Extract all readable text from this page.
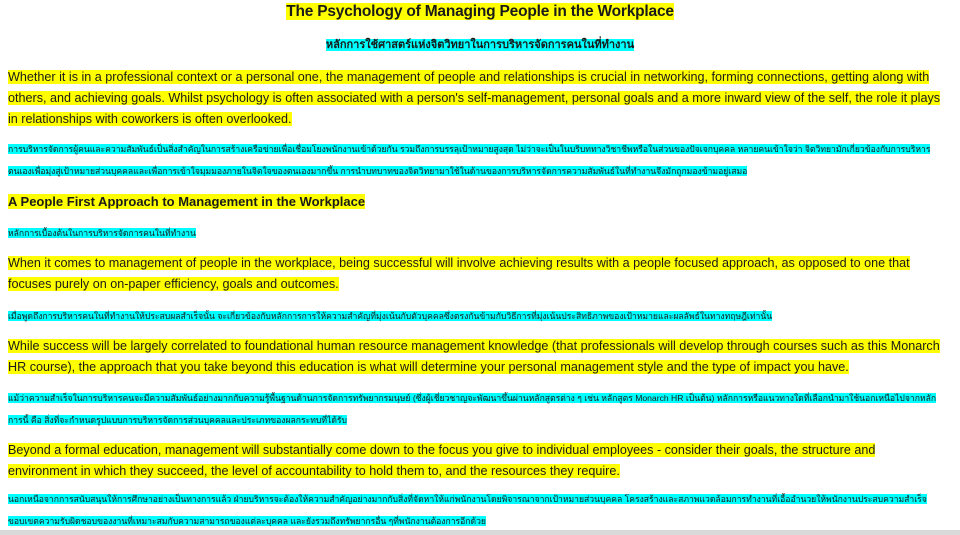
The Psychology of Managing People in the Workplace
หลักการใช้ศาสตร์แห่งจิตวิทยาในการบริหารจัดการคนในที่ทำงาน

Whether it is in a professional context or a personal one, the management of people and relationships is crucial in networking, forming connections, getting along with others, and achieving goals. Whilst psychology is often associated with a person's self-management, personal goals and a more inward view of the self, the role it plays in relationships with coworkers is often overlooked.

การบริหารจัดการผู้คนและความสัมพันธ์เป็นสิ่งสำคัญในการสร้างเครือข่ายเพื่อเชื่อมโยงพนักงานเข้าด้วยกัน รวมถึงการบรรลุเป้าหมายสูงสุด ไม่ว่าจะเป็นในบริบททางวิชาชีพหรือในส่วนของปัจเจกบุคคล หลายคนเข้าใจว่า จิตวิทยามักเกี่ยวข้องกับการบริหารตนเองเพื่อมุ่งสู่เป้าหมายส่วนบุคคลและเพื่อการเข้าใจมุมมองภายในจิตใจของตนเองมากขึ้น การนำบทบาทของจิตวิทยามาใช้ในด้านของการบริหารจัดการความสัมพันธ์ในที่ทำงานจึงมักถูกมองข้ามอยู่เสมอ

A People First Approach to Management in the Workplace

หลักการเบื้องต้นในการบริหารจัดการคนในที่ทำงาน

When it comes to management of people in the workplace, being successful will involve achieving results with a people focused approach, as opposed to one that focuses purely on on-paper efficiency, goals and outcomes.

เมื่อพูดถึงการบริหารคนในที่ทำงานให้ประสบผลสำเร็จนั้น จะเกี่ยวข้องกับหลักการการให้ความสำคัญที่มุ่งเน้นกับตัวบุคคลซึ่งตรงกันข้ามกับวิธีการที่มุ่งเน้นประสิทธิภาพของเป้าหมายและผลลัพธ์ในทางทฤษฎีเท่านั้น

While success will be largely correlated to foundational human resource management knowledge (that professionals will develop through courses such as this Monarch HR course), the approach that you take beyond this education is what will determine your personal management style and the type of impact you have.

แม้ว่าความสำเร็จในการบริหารคนจะมีความสัมพันธ์อย่างมากกับความรู้พื้นฐานด้านการจัดการทรัพยากรมนุษย์ (ซึ่งผู้เชี่ยวชาญจะพัฒนาขึ้นผ่านหลักสูตรต่าง ๆ เช่น หลักสูตร Monarch HR เป็นต้น) หลักการหรือแนวทางใดที่เลือกนำมาใช้นอกเหนือไปจากหลักการนี้ คือ สิ่งที่จะกำหนดรูปแบบการบริหารจัดการส่วนบุคคลและประเภทของผลกระทบที่ได้รับ

Beyond a formal education, management will substantially come down to the focus you give to individual employees - consider their goals, the structure and environment in which they succeed, the level of accountability to hold them to, and the resources they require.

นอกเหนือจากการสนับสนุนให้การศึกษาอย่างเป็นทางการแล้ว ฝ่ายบริหารจะต้องให้ความสำคัญอย่างมากกับสิ่งที่จัดหาให้แก่พนักงานโดยพิจารณาจากเป้าหมายส่วนบุคคล โครงสร้างและสภาพแวดล้อมการทำงานที่เอื้ออำนวยให้พนักงานประสบความสำเร็จ ขอบเขตความรับผิดชอบของงานที่เหมาะสมกับความสามารถของแต่ละบุคคล และยังรวมถึงทรัพยากรอื่น ๆที่พนักงานต้องการอีกด้วย
